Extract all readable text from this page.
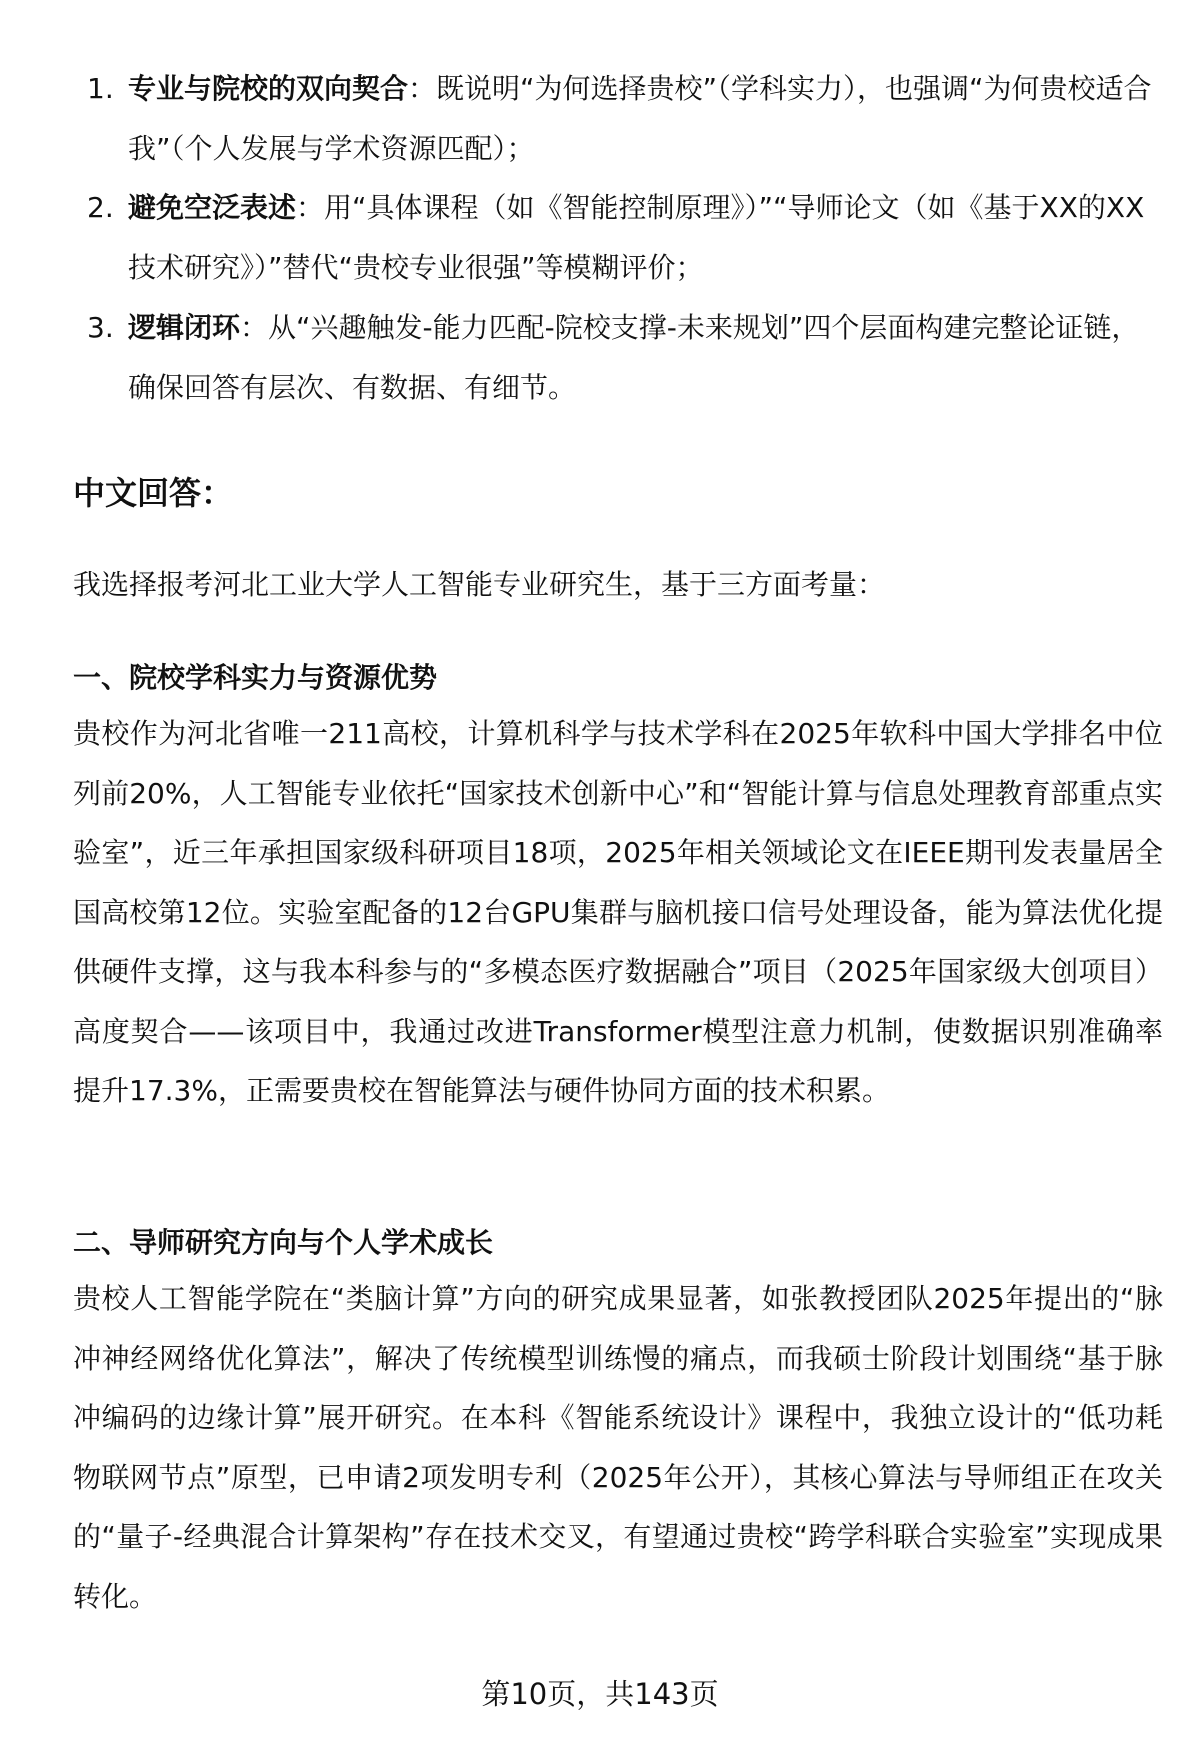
1. 专业与院校的双向契合：既说明“为何选择贵校”（学科实力），也强调“为何贵校适合我”（个人发展与学术资源匹配）；
2. 避免空泛表述：用“具体课程（如《智能控制原理》）”“导师论文（如《基于XX的XX技术研究》）”替代“贵校专业很强”等模糊评价；
3. 逻辑闭环：从“兴趣触发-能力匹配-院校支撑-未来规划”四个层面构建完整论证链，确保回答有层次、有数据、有细节。
中文回答：
我选择报考河北工业大学人工智能专业研究生，基于三方面考量：
一、院校学科实力与资源优势
贵校作为河北省唯一211高校，计算机科学与技术学科在2025年软科中国大学排名中位列前20%，人工智能专业依托“国家技术创新中心”和“智能计算与信息处理教育部重点实验室”，近三年承担国家级科研项目18项，2025年相关领域论文在IEEE期刊发表量居全国高校第12位。实验室配备的12台GPU集群与脑机接口信号处理设备，能为算法优化提供硬件支撑，这与我本科参与的“多模态医疗数据融合”项目（2025年国家级大创项目）高度契合——该项目中，我通过改进Transformer模型注意力机制，使数据识别准确率提升17.3%，正需要贵校在智能算法与硬件协同方面的技术积累。
二、导师研究方向与个人学术成长
贵校人工智能学院在“类脑计算”方向的研究成果显著，如张教授团队2025年提出的“脉冲神经网络优化算法”，解决了传统模型训练慢的痛点，而我硕士阶段计划围绕“基于脉冲编码的边缘计算”展开研究。在本科《智能系统设计》课程中，我独立设计的“低功耗物联网节点”原型，已申请2项发明专利（2025年公开），其核心算法与导师组正在攻关的“量子-经典混合计算架构”存在技术交叉，有望通过贵校“跨学科联合实验室”实现成果转化。
第10页，共143页
